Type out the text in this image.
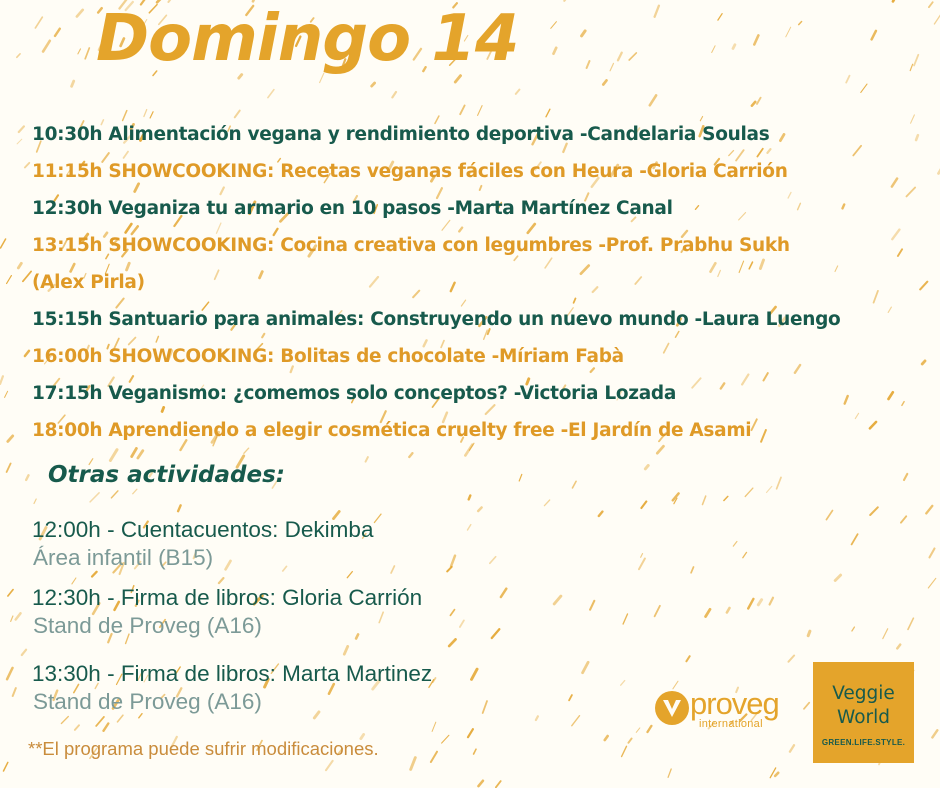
Domingo 14
10:30h Alimentación vegana y rendimiento deportiva -Candelaria Soulas
11:15h SHOWCOOKING: Recetas veganas fáciles con Heura -Gloria Carrión
12:30h Veganiza tu armario en 10 pasos -Marta Martínez Canal
13:15h SHOWCOOKING: Cocina creativa con legumbres -Prof. Prabhu Sukh
(Alex Pirla)
15:15h Santuario para animales: Construyendo un nuevo mundo -Laura Luengo
16:00h SHOWCOOKING: Bolitas de chocolate -Míriam Fabà
17:15h Veganismo: ¿comemos solo conceptos? -Victoria Lozada
18:00h Aprendiendo a elegir cosmética cruelty free -El Jardín de Asami
Otras actividades:
12:00h - Cuentacuentos: Dekimba
Área infantil (B15)
12:30h - Firma de libros: Gloria Carrión
Stand de Proveg (A16)
13:30h - Firma de libros: Marta Martinez
Stand de Proveg (A16)
**El programa puede sufrir modificaciones.
proveg
international
Veggie
World
GREEN.LIFE.STYLE.
